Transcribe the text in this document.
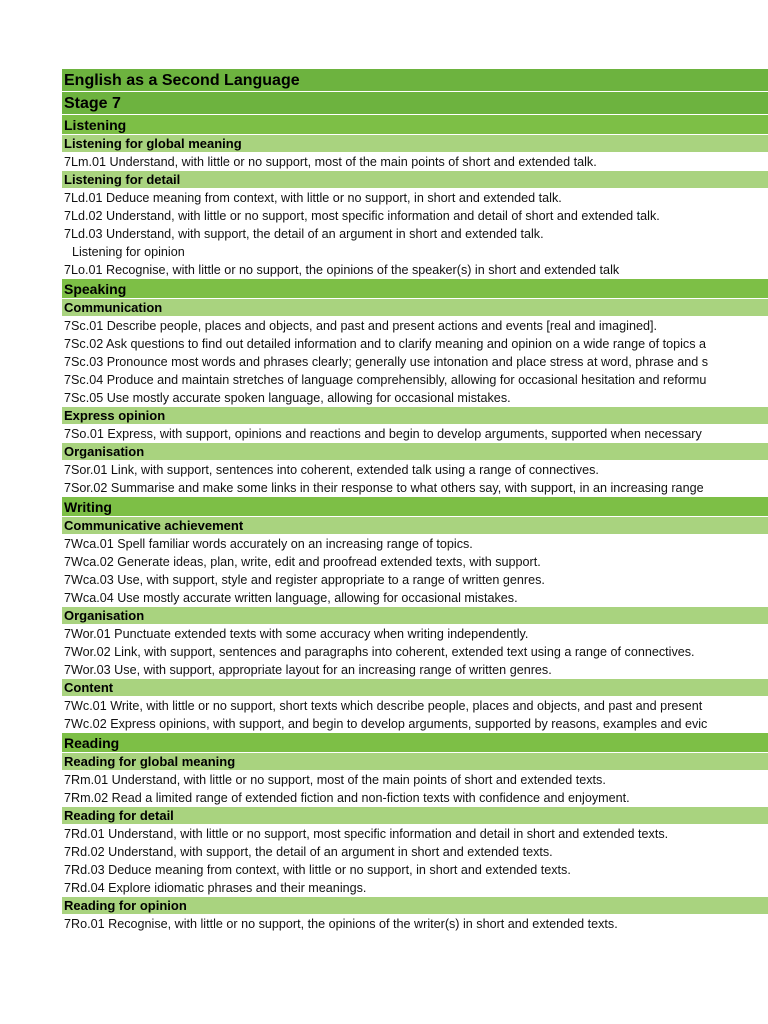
English as a Second Language
Stage 7
Listening
Listening for global meaning
7Lm.01 Understand, with little or no support, most of the main points of short and extended talk.
Listening for detail
7Ld.01 Deduce meaning from context, with little or no support, in short and extended talk.
7Ld.02 Understand, with little or no support, most specific information and detail of short and extended talk.
7Ld.03 Understand, with support, the detail of an argument in short and extended talk.
Listening for opinion
7Lo.01 Recognise, with little or no support, the opinions of the speaker(s) in short and extended talk
Speaking
Communication
7Sc.01 Describe people, places and objects, and past and present actions and events [real and imagined].
7Sc.02 Ask questions to find out detailed information and to clarify meaning and opinion on a wide range of topics a
7Sc.03 Pronounce most words and phrases clearly; generally use intonation and place stress at word, phrase and s
7Sc.04 Produce and maintain stretches of language comprehensibly, allowing for occasional hesitation and reformu
7Sc.05 Use mostly accurate spoken language, allowing for occasional mistakes.
Express opinion
7So.01 Express, with support, opinions and reactions and begin to develop arguments, supported when necessary
Organisation
7Sor.01 Link, with support, sentences into coherent, extended talk using a range of connectives.
7Sor.02 Summarise and make some links in their response to what others say, with support, in an increasing range
Writing
Communicative achievement
7Wca.01 Spell familiar words accurately on an increasing range of topics.
7Wca.02 Generate ideas, plan, write, edit and proofread extended texts, with support.
7Wca.03 Use, with support, style and register appropriate to a range of written genres.
7Wca.04 Use mostly accurate written language, allowing for occasional mistakes.
Organisation
7Wor.01 Punctuate extended texts with some accuracy when writing independently.
7Wor.02 Link, with support, sentences and paragraphs into coherent, extended text using a range of connectives.
7Wor.03 Use, with support, appropriate layout for an increasing range of written genres.
Content
7Wc.01 Write, with little or no support, short texts which describe people, places and objects, and past and present
7Wc.02 Express opinions, with support, and begin to develop arguments, supported by reasons, examples and evic
Reading
Reading for global meaning
7Rm.01 Understand, with little or no support, most of the main points of short and extended texts.
7Rm.02 Read a limited range of extended fiction and non-fiction texts with confidence and enjoyment.
Reading for detail
7Rd.01 Understand, with little or no support, most specific information and detail in short and extended texts.
7Rd.02 Understand, with support, the detail of an argument in short and extended texts.
7Rd.03 Deduce meaning from context, with little or no support, in short and extended texts.
7Rd.04 Explore idiomatic phrases and their meanings.
Reading for opinion
7Ro.01 Recognise, with little or no support, the opinions of the writer(s) in short and extended texts.
